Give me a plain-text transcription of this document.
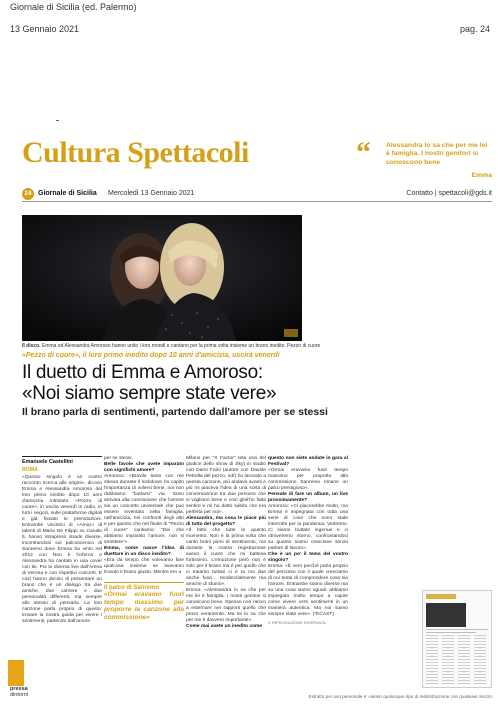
Giornale di Sicilia (ed. Palermo)
13 Gennaio 2021	pag. 24
Cultura Spettacoli	“ Alessandra lo sa che per me lei è famiglia. I nostri genitori si conoscono bene
Emma
24 Giornale di Sicilia Mercoledì 13 Gennaio 2021	Contatto | spettacoli@gds.it
Il disco. Emma ed Alessandra Amoroso hanno unito i loro mondi e cantano per la prima volta insieme un brano inedito. Pezzo di cuore
«Pezzo di cuore», il loro primo inedito dopo 10 anni d'amicizia, uscirà venerdì
Il duetto di Emma e Amoroso:
«Noi siamo sempre state vere»
Il brano parla di sentimenti, partendo dall'amore per se stessi
Emanuele Castellini
ROMA

«Questo singolo è un nostro racconto ricerca alle origini», dicono Emma e Alessandra Amoroso del loro primo inedito dopo 10 anni d'amicizia intitolato «Pezzo di cuore», in uscita venerdì in radio, in tutti i negozi, sulle piattaforme digitali e già fissato le prenotazioni. Entrambe vincitrici di «Amici» di talenti di Maria De Filippi su Canale 5, hanno intrapreso strade diverse, incontrandosi sul palcoscenico di Sanremo dove Emma ha vinto nel 2012 con Non è l'inferno e Alessandra ha cantato in una cover con lei. Poi la diversa live dall'Arena di Verona e con rispettivi concerti. E così hanno deciso di presentare un brano che è un dialogo tra due amiche, due carriere e due personalità differenti, ma sempre allo stesso di pensarla. La loro canzone parla proprio di questo: trovare la nostra guida per vivere i sentimenti, partendo dall'amore

per se stessi.

Belle favole che avete imparato con significhi amore?

Amoroso: «Bravile tanto con me stessa durante il lockdown ho capito l'importanza di volersi bene, noi non dobbiamo "buttarsi" via. Sono arrivata alla conclusione che l'amore sia un concetto universale che può essere inventato nella famiglia, nell'amicizia, nei confronti degli altri e per questo che nel finale di "Pezzo di cuore" cantiamo: "Dei che abbiamo imparato l'amore, non si smettere"».

Emma, come nasce l'idea di duettare in un disco inedito?

«Era da tempo che volevamo fare qualcosa insieme se avevamo trovato il brano giusto. Mentre ero a

Il palco di Sanremo
«Ormai eravamo fuori tempo massimo per proporre la canzone alla commissione»

Milano per "X Factor" teta una del giudice dello show di Sky) in studio con Dario Faini (autore con Davide Petrella del pezzo, ndr) ho lavorato a questa canzone, più andavo avanti e più mi piaceva l'idea di una sorta di conversazione tra due persone che si vogliono bene e così gliel'ho fatta sentire e mi ha detto subito che era perfetta per noi».

Alessandra, ma cosa le piace più di tutto del progetto?

«Il fatto che tutte le quanto momento. Non è la prima volta che canto brani pieni di sentimento, ma durante la nostra registrazione avevo il cuore che mi batteva fortissimo. L'emozione però non è solo per il brano ma è per quello che ci traiamo tuttavi ci è ta noi due anche fuori… tendenzialmente ma amiche di sfumò».

Emma: «Alessandra lo sa che per me lei è famiglia. I nostri genitori si conoscono bene. Spesso non riesco a esternare nei rapporti quello che provo veramente. Ma lei lo sa che per me è davvero importante».

Come mai avete un inedito come

questo non siete andate in gara al Festival?

«Ormai eravamo fuori tempo massimo per proporla alla commissione Sanremo rimane un palco prestigioso».

Pensate di fare un album, un live prossimamente?

Amoroso: «Ci piacerebbe molto, ma Emma è impegnata con tutta una serie di cose che sono state interrotte per la pandemia. Vedremo. Ci siamo buttate ingenue e ci ritroveremo ritorno, confrontandoci su quanto siamo crescluse senza parlare di lavoro».

Che è un po' il tema del vostro singolo?

Emma: «È vero perché parla proprio del percorso con il quale cresciamo di noi tenta di comprendere cosa sia l'amore. Entrambe siamo diverse ma su una cosa siamo uguali: abbiamo impiegato molto tempo a capire come vivere certi sentimenti in un maniera autentica. Ma noi siamo sempre state vere». (*ECAST)

© RIPRODUZIONE RISERVATA
pressa
dintorni	Estratto per uso personale e' vietato qualunque tipo di redistribuzione con qualsiasi mezzo
